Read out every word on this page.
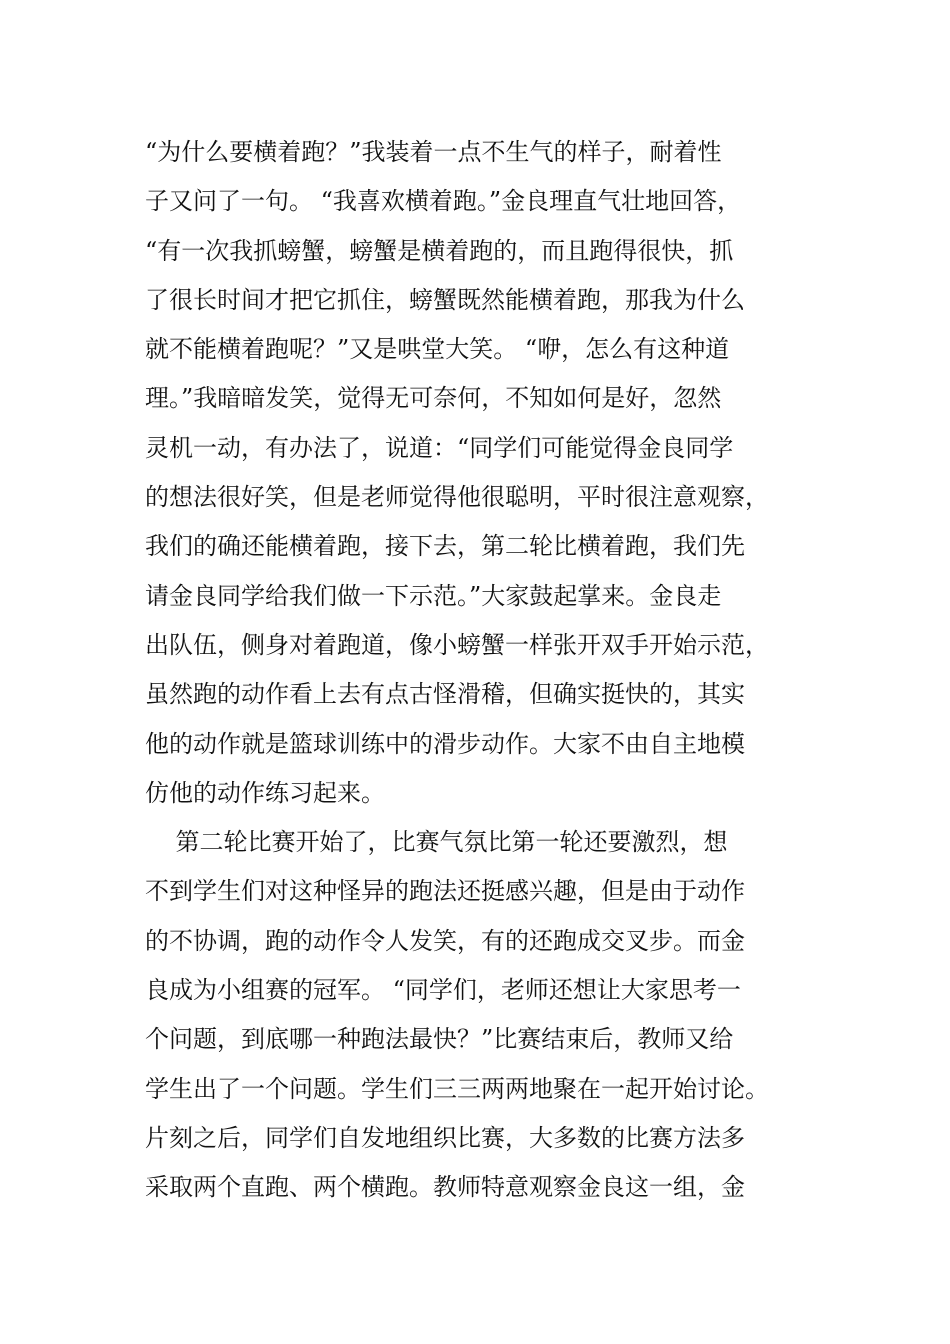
“为什么要横着跑？”我装着一点不生气的样子，耐着性
子又问了一句。 “我喜欢横着跑。”金良理直气壮地回答，
“有一次我抓螃蟹，螃蟹是横着跑的，而且跑得很快，抓
了很长时间才把它抓住，螃蟹既然能横着跑，那我为什么
就不能横着跑呢？”又是哄堂大笑。 “咿，怎么有这种道
理。”我暗暗发笑，觉得无可奈何，不知如何是好，忽然
灵机一动，有办法了，说道：“同学们可能觉得金良同学
的想法很好笑，但是老师觉得他很聪明，平时很注意观察，
我们的确还能横着跑，接下去，第二轮比横着跑，我们先
请金良同学给我们做一下示范。”大家鼓起掌来。金良走
出队伍，侧身对着跑道，像小螃蟹一样张开双手开始示范，
虽然跑的动作看上去有点古怪滑稽，但确实挺快的，其实
他的动作就是篮球训练中的滑步动作。大家不由自主地模
仿他的动作练习起来。
第二轮比赛开始了，比赛气氛比第一轮还要激烈，想
不到学生们对这种怪异的跑法还挺感兴趣，但是由于动作
的不协调，跑的动作令人发笑，有的还跑成交叉步。而金
良成为小组赛的冠军。 “同学们，老师还想让大家思考一
个问题，到底哪一种跑法最快？”比赛结束后，教师又给
学生出了一个问题。学生们三三两两地聚在一起开始讨论。
片刻之后，同学们自发地组织比赛，大多数的比赛方法多
采取两个直跑、两个横跑。教师特意观察金良这一组，金
